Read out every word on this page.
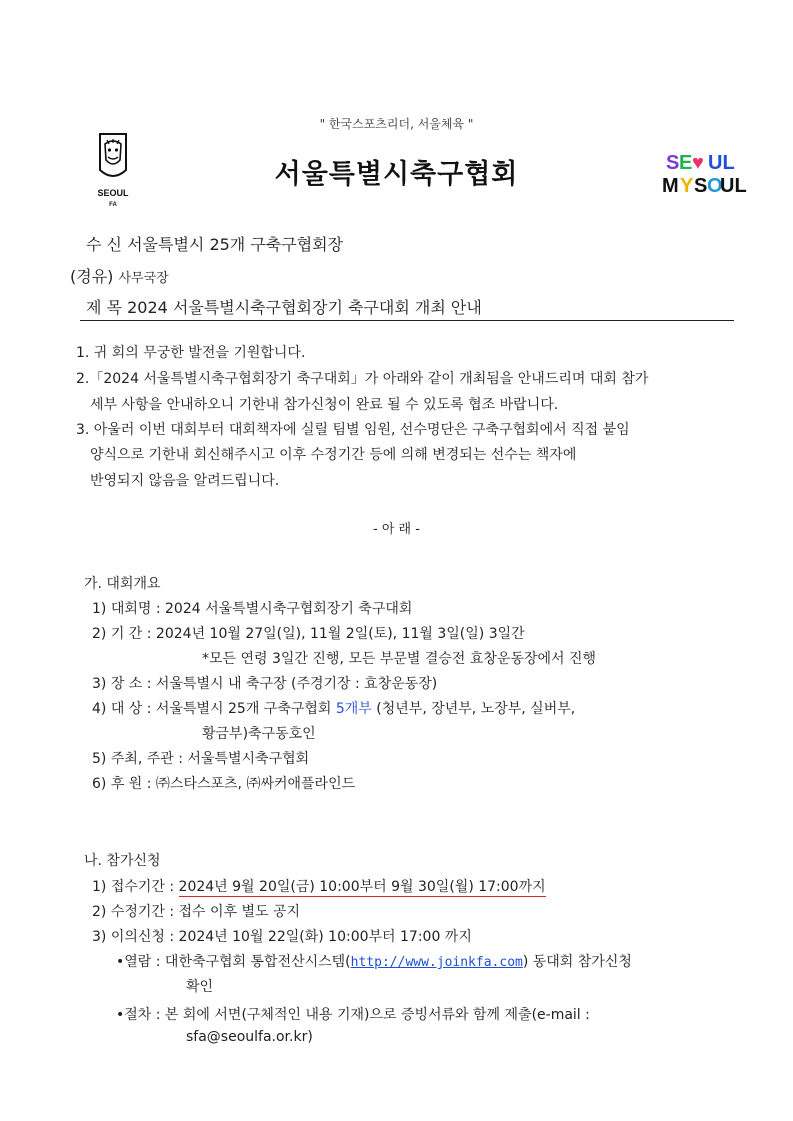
" 한국스포츠리더, 서울체육 "
SEOUL
FA
서울특별시축구협회	S E ♥ UL
M Y S O
UL
수 신 서울특별시 25개 구축구협회장
(경유) 사무국장
제 목 2024 서울특별시축구협회장기 축구대회 개최 안내
1. 귀 회의 무궁한 발전을 기원합니다.
2.「2024 서울특별시축구협회장기 축구대회」가 아래와 같이 개최됨을 안내드리며 대회 참가
세부 사항을 안내하오니 기한내 참가신청이 완료 될 수 있도록 협조 바랍니다.
3. 아울러 이번 대회부터 대회책자에 실릴 팀별 임원, 선수명단은 구축구협회에서 직접 붙임
양식으로 기한내 회신해주시고 이후 수정기간 등에 의해 변경되는 선수는 책자에
반영되지 않음을 알려드립니다.
- 아 래 -
가. 대회개요
1) 대회명 : 2024 서울특별시축구협회장기 축구대회
2) 기 간 : 2024년 10월 27일(일), 11월 2일(토), 11월 3일(일) 3일간
*모든 연령 3일간 진행, 모든 부문별 결승전 효창운동장에서 진행
3) 장 소 : 서울특별시 내 축구장 (주경기장 : 효창운동장)
4) 대 상 : 서울특별시 25개 구축구협회 5개부 (청년부, 장년부, 노장부, 실버부,
황금부)축구동호인
5) 주최, 주관 : 서울특별시축구협회
6) 후 원 : ㈜스타스포츠, ㈜싸커애플라인드
나. 참가신청
1) 접수기간 : 2024년 9월 20일(금) 10:00부터 9월 30일(월) 17:00까지
2) 수정기간 : 접수 이후 별도 공지
3) 이의신청 : 2024년 10월 22일(화) 10:00부터 17:00 까지
•열람 : 대한축구협회 통합전산시스템(http://www.joinkfa.com) 동대회 참가신청
확인
•절차 : 본 회에 서면(구체적인 내용 기재)으로 증빙서류와 함께 제출(e-mail :
sfa@seoulfa.or.kr)
